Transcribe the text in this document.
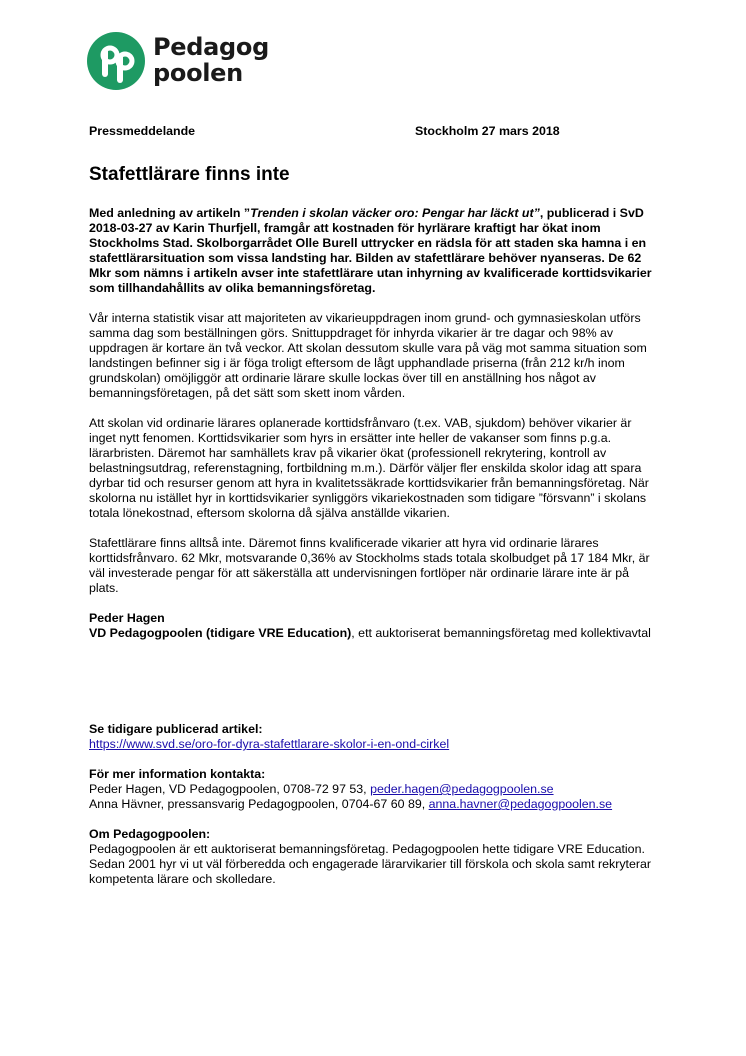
Pedagog
poolen
Pressmeddelande	Stockholm 27 mars 2018
Stafettlärare finns inte

Med anledning av artikeln ”Trenden i skolan väcker oro: Pengar har läckt ut”, publicerad i SvD 2018-03-27 av Karin Thurfjell, framgår att kostnaden för hyrlärare kraftigt har ökat inom Stockholms Stad. Skolborgarrådet Olle Burell uttrycker en rädsla för att staden ska hamna i en stafettlärarsituation som vissa landsting har. Bilden av stafettlärare behöver nyanseras. De 62 Mkr som nämns i artikeln avser inte stafettlärare utan inhyrning av kvalificerade korttidsvikarier som tillhandahållits av olika bemanningsföretag.

Vår interna statistik visar att majoriteten av vikarieuppdragen inom grund- och gymnasieskolan utförs samma dag som beställningen görs. Snittuppdraget för inhyrda vikarier är tre dagar och 98% av uppdragen är kortare än två veckor. Att skolan dessutom skulle vara på väg mot samma situation som landstingen befinner sig i är föga troligt eftersom de lågt upphandlade priserna (från 212 kr/h inom grundskolan) omöjliggör att ordinarie lärare skulle lockas över till en anställning hos något av bemanningsföretagen, på det sätt som skett inom vården.

Att skolan vid ordinarie lärares oplanerade korttidsfrånvaro (t.ex. VAB, sjukdom) behöver vikarier är inget nytt fenomen. Korttidsvikarier som hyrs in ersätter inte heller de vakanser som finns p.g.a. lärarbristen. Däremot har samhällets krav på vikarier ökat (professionell rekrytering, kontroll av belastningsutdrag, referenstagning, fortbildning m.m.). Därför väljer fler enskilda skolor idag att spara dyrbar tid och resurser genom att hyra in kvalitetssäkrade korttidsvikarier från bemanningsföretag. När skolorna nu istället hyr in korttidsvikarier synliggörs vikariekostnaden som tidigare ”försvann” i skolans totala lönekostnad, eftersom skolorna då själva anställde vikarien.

Stafettlärare finns alltså inte. Däremot finns kvalificerade vikarier att hyra vid ordinarie lärares korttidsfrånvaro. 62 Mkr, motsvarande 0,36% av Stockholms stads totala skolbudget på 17 184 Mkr, är väl investerade pengar för att säkerställa att undervisningen fortlöper när ordinarie lärare inte är på plats.

Peder Hagen
VD Pedagogpoolen (tidigare VRE Education), ett auktoriserat bemanningsföretag med kollektivavtal
Se tidigare publicerad artikel:
https://www.svd.se/oro-for-dyra-stafettlarare-skolor-i-en-ond-cirkel
För mer information kontakta:
Peder Hagen, VD Pedagogpoolen, 0708-72 97 53, peder.hagen@pedagogpoolen.se
Anna Hävner, pressansvarig Pedagogpoolen, 0704-67 60 89, anna.havner@pedagogpoolen.se
Om Pedagogpoolen:
Pedagogpoolen är ett auktoriserat bemanningsföretag. Pedagogpoolen hette tidigare VRE Education. Sedan 2001 hyr vi ut väl förberedda och engagerade lärarvikarier till förskola och skola samt rekryterar kompetenta lärare och skolledare.
